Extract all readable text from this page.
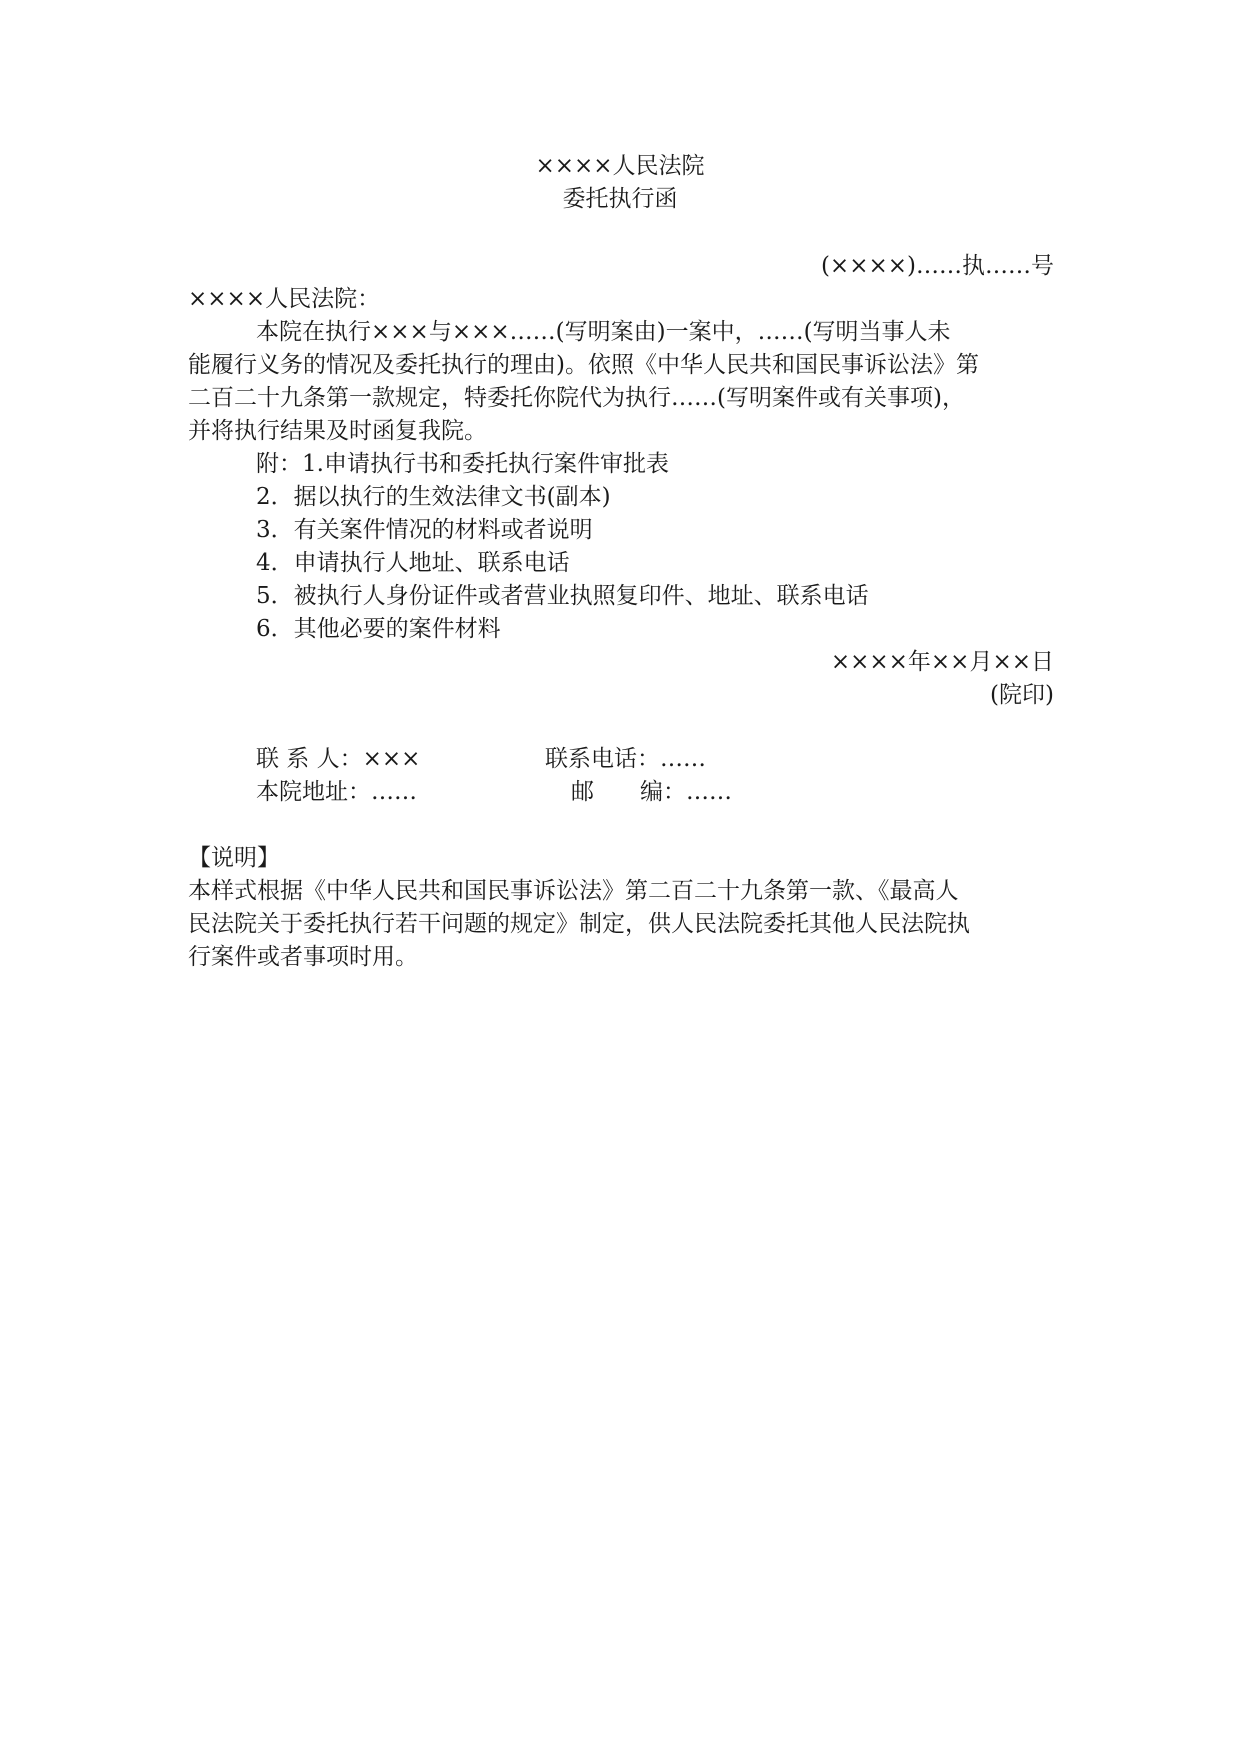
××××人民法院
委托执行函
(××××)……执……号
××××人民法院：
本院在执行×××与×××……(写明案由)一案中，……(写明当事人未
能履行义务的情况及委托执行的理由)。依照《中华人民共和国民事诉讼法》第
二百二十九条第一款规定，特委托你院代为执行……(写明案件或有关事项)，
并将执行结果及时函复我院。
附：1.申请执行书和委托执行案件审批表
2．据以执行的生效法律文书(副本)
3．有关案件情况的材料或者说明
4．申请执行人地址、联系电话
5．被执行人身份证件或者营业执照复印件、地址、联系电话
6．其他必要的案件材料
××××年××月××日
(院印)
联 系 人：×××	联系电话：……
本院地址：……	邮　　编：……
【说明】
本样式根据《中华人民共和国民事诉讼法》第二百二十九条第一款、《最高人
民法院关于委托执行若干问题的规定》制定，供人民法院委托其他人民法院执
行案件或者事项时用。
